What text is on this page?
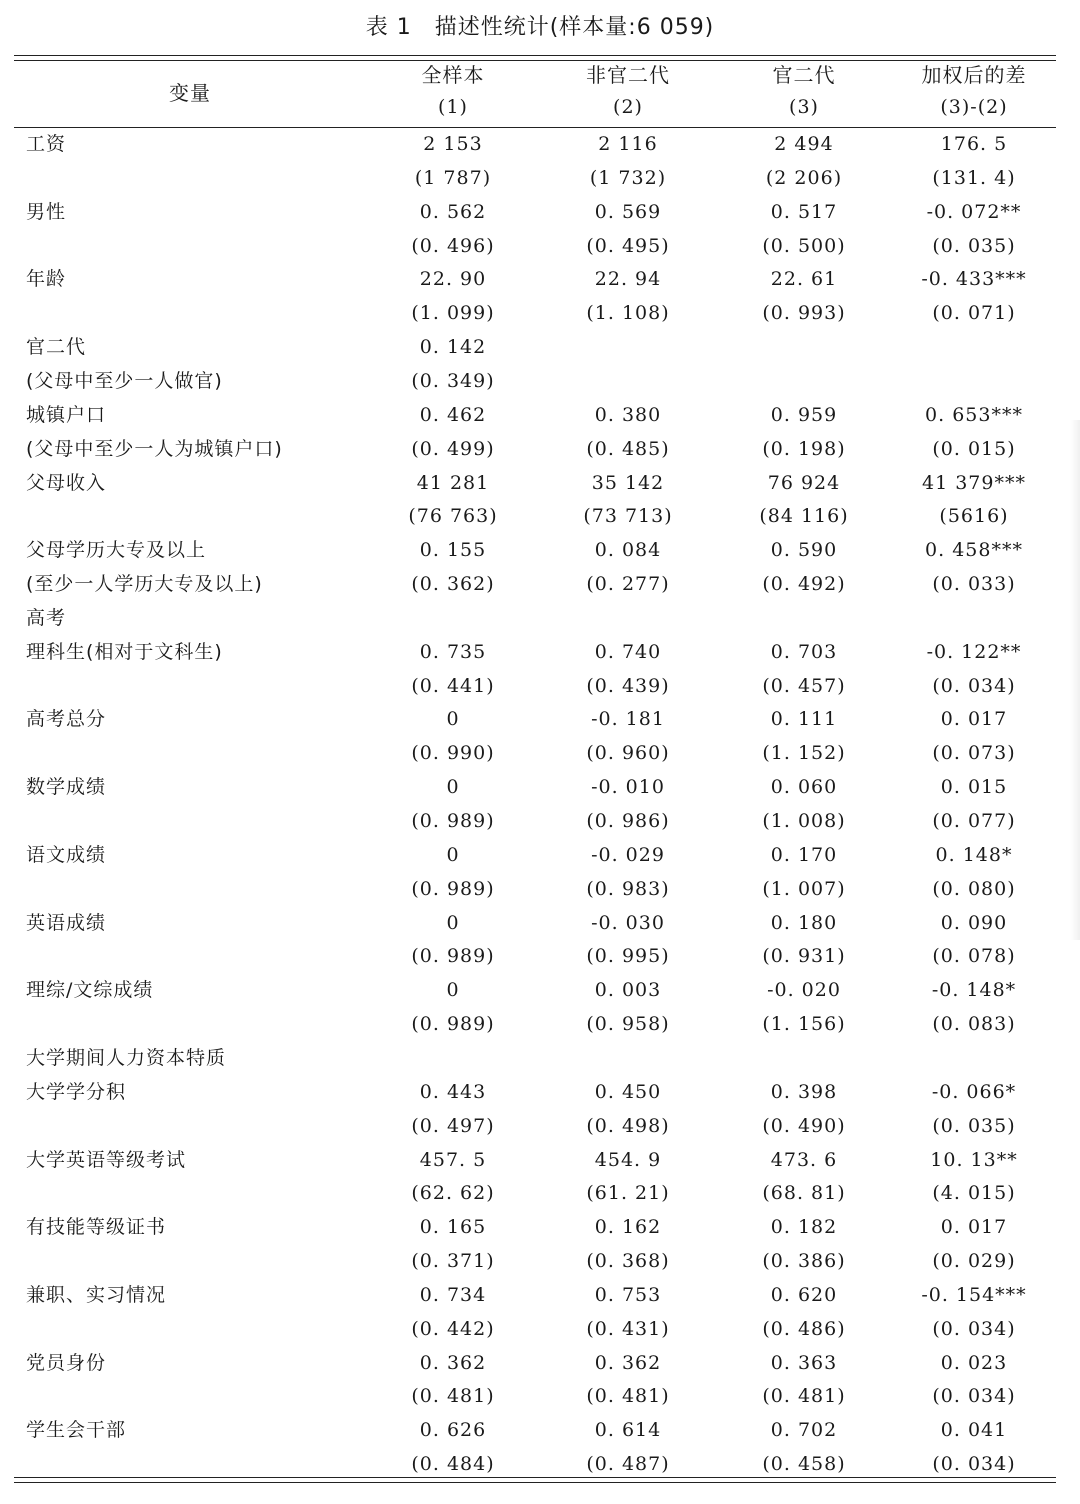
表 1　描述性统计(样本量:6 059)
变量
全样本	非官二代	官二代	加权后的差
(1)	(2)	(3)	(3)-(2)
工资	2 153	2 116	2 494	176. 5
(1 787)	(1 732)	(2 206)	(131. 4)
男性	0. 562	0. 569	0. 517	-0. 072**
(0. 496)	(0. 495)	(0. 500)	(0. 035)
年龄	22. 90	22. 94	22. 61	-0. 433***
(1. 099)	(1. 108)	(0. 993)	(0. 071)
官二代	0. 142
(父母中至少一人做官)	(0. 349)
城镇户口	0. 462	0. 380	0. 959	0. 653***
(父母中至少一人为城镇户口)	(0. 499)	(0. 485)	(0. 198)	(0. 015)
父母收入	41 281	35 142	76 924	41 379***
(76 763)	(73 713)	(84 116)	(5616)
父母学历大专及以上	0. 155	0. 084	0. 590	0. 458***
(至少一人学历大专及以上)	(0. 362)	(0. 277)	(0. 492)	(0. 033)
高考
理科生(相对于文科生)	0. 735	0. 740	0. 703	-0. 122**
(0. 441)	(0. 439)	(0. 457)	(0. 034)
高考总分	0	-0. 181	0. 111	0. 017
(0. 990)	(0. 960)	(1. 152)	(0. 073)
数学成绩	0	-0. 010	0. 060	0. 015
(0. 989)	(0. 986)	(1. 008)	(0. 077)
语文成绩	0	-0. 029	0. 170	0. 148*
(0. 989)	(0. 983)	(1. 007)	(0. 080)
英语成绩	0	-0. 030	0. 180	0. 090
(0. 989)	(0. 995)	(0. 931)	(0. 078)
理综/文综成绩	0	0. 003	-0. 020	-0. 148*
(0. 989)	(0. 958)	(1. 156)	(0. 083)
大学期间人力资本特质
大学学分积	0. 443	0. 450	0. 398	-0. 066*
(0. 497)	(0. 498)	(0. 490)	(0. 035)
大学英语等级考试	457. 5	454. 9	473. 6	10. 13**
(62. 62)	(61. 21)	(68. 81)	(4. 015)
有技能等级证书	0. 165	0. 162	0. 182	0. 017
(0. 371)	(0. 368)	(0. 386)	(0. 029)
兼职、实习情况	0. 734	0. 753	0. 620	-0. 154***
(0. 442)	(0. 431)	(0. 486)	(0. 034)
党员身份	0. 362	0. 362	0. 363	0. 023
(0. 481)	(0. 481)	(0. 481)	(0. 034)
学生会干部	0. 626	0. 614	0. 702	0. 041
(0. 484)	(0. 487)	(0. 458)	(0. 034)
